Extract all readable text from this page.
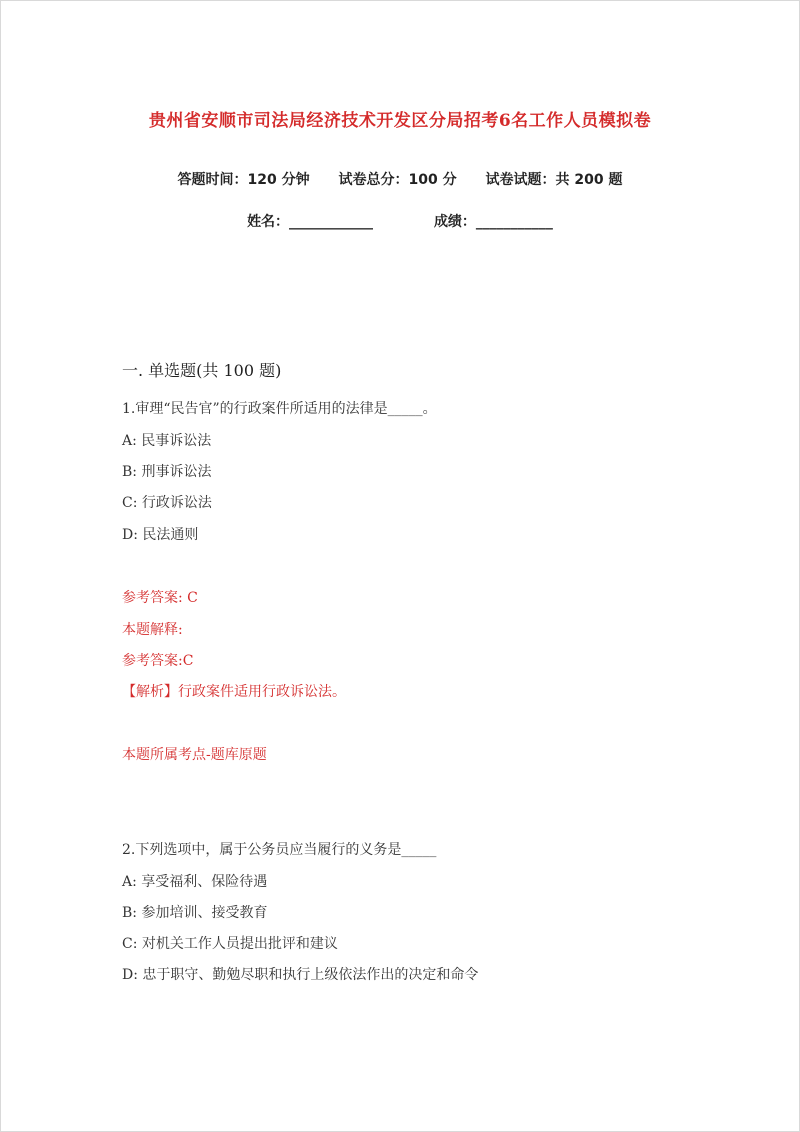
贵州省安顺市司法局经济技术开发区分局招考6名工作人员模拟卷
答题时间：120 分钟 试卷总分：100 分 试卷试题：共 200 题
姓名：____________	成绩：___________
一. 单选题(共 100 题)
1.审理“民告官”的行政案件所适用的法律是_____。
A: 民事诉讼法
B: 刑事诉讼法
C: 行政诉讼法
D: 民法通则
参考答案: C
本题解释:
参考答案:C
【解析】行政案件适用行政诉讼法。
本题所属考点-题库原题
2.下列选项中，属于公务员应当履行的义务是_____
A: 享受福利、保险待遇
B: 参加培训、接受教育
C: 对机关工作人员提出批评和建议
D: 忠于职守、勤勉尽职和执行上级依法作出的决定和命令
